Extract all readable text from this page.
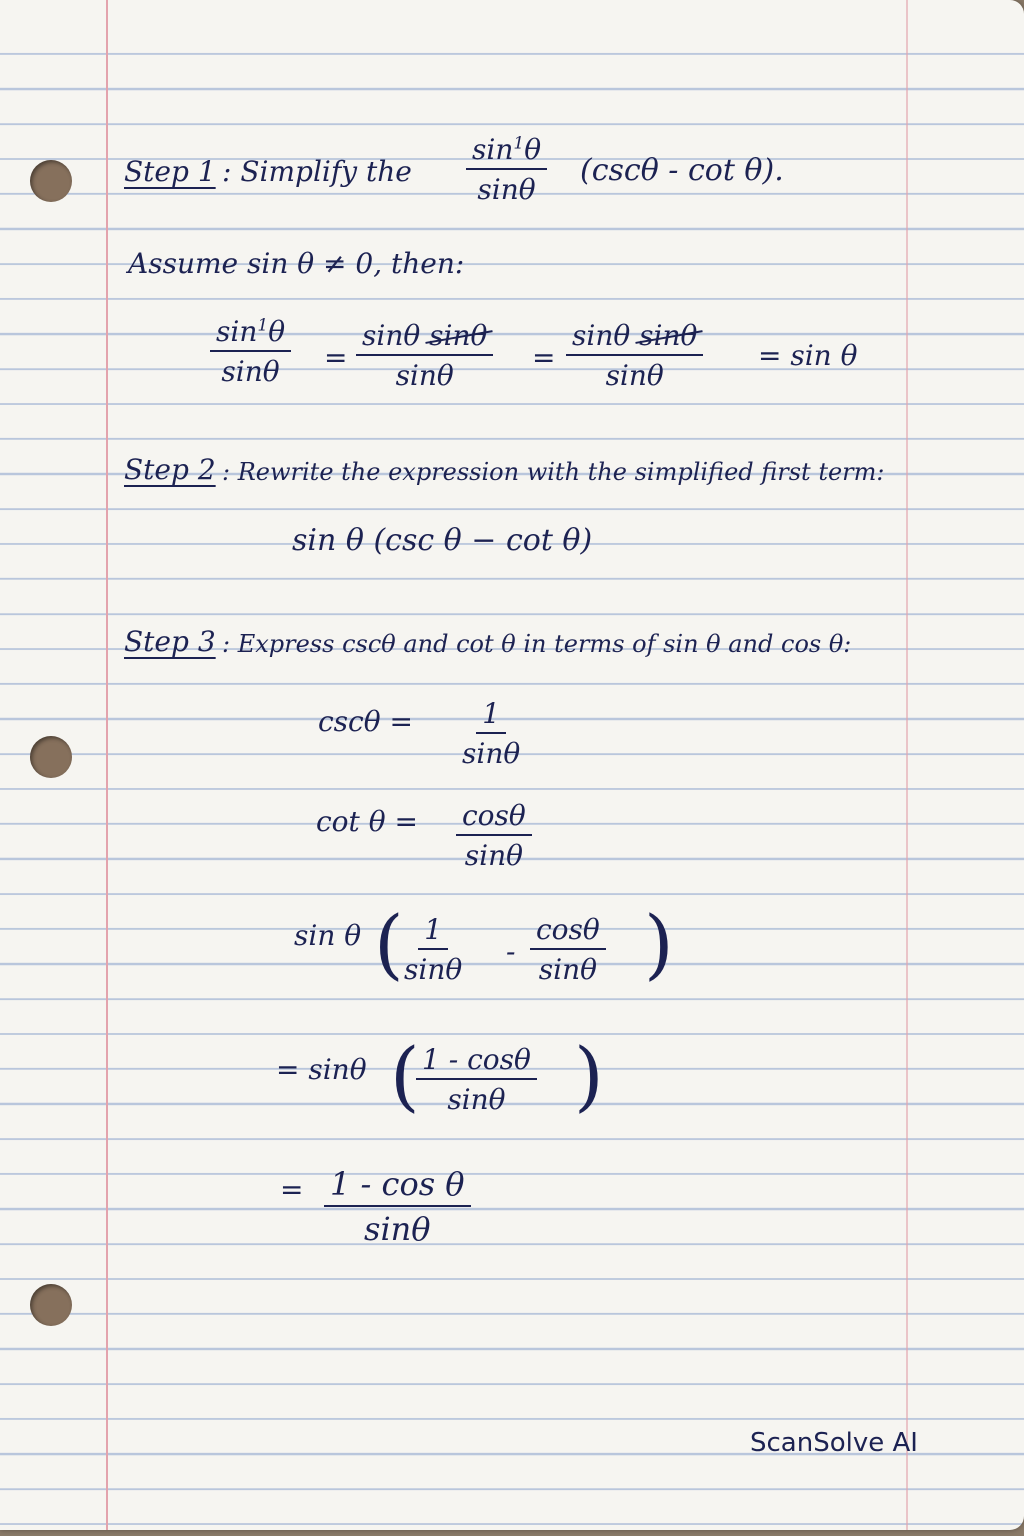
Step 1 : Simplify the $\frac{\sin^1\theta}{\sin\theta} (\csc\theta$ - cot θ).
Assume sin θ ≠ 0, then:
$\frac{\sin^1\theta}{\sin\theta} = \frac{\text{sinθ sinθ}}{\sin\theta} = \frac{\text{sinθ sinθ}}{\sin\theta} = \sin \theta$
Step 2 : Rewrite the expression with the simplified first term:
sin θ (csc θ − cot θ)
Step 3 : Express cscθ and cot θ in terms of sin θ and cos θ:
$\csc\theta = \frac{1}{\sin\theta}$
$\cot \theta = \frac{\cos\theta}{\sin\theta}$
sin θ (
$\frac{1}{\sin\theta} - \frac{\cos\theta}{\sin\theta}$ )
= sinθ (
$\frac{1 - \cos\theta}{\sin\theta}$ )
= $\frac{\text{1 - cos θ}}{\sin\theta}$
ScanSolve AI
